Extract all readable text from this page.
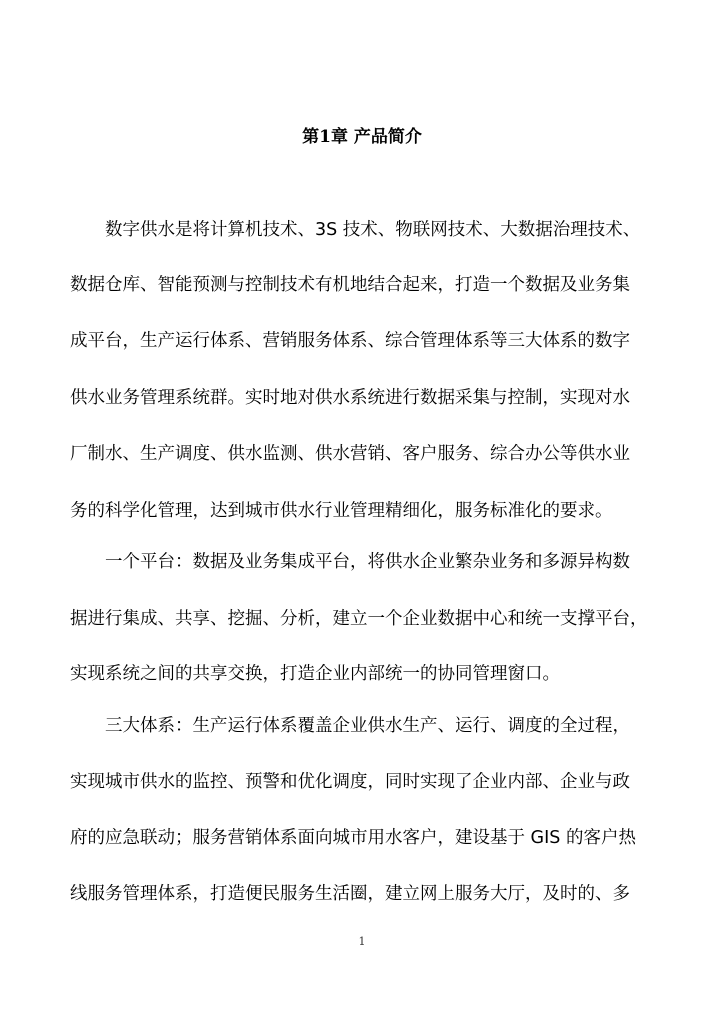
第1章 产品简介
数字供水是将计算机技术、3S 技术、物联网技术、大数据治理技术、
数据仓库、智能预测与控制技术有机地结合起来，打造一个数据及业务集
成平台，生产运行体系、营销服务体系、综合管理体系等三大体系的数字
供水业务管理系统群。实时地对供水系统进行数据采集与控制，实现对水
厂制水、生产调度、供水监测、供水营销、客户服务、综合办公等供水业
务的科学化管理，达到城市供水行业管理精细化，服务标准化的要求。
一个平台：数据及业务集成平台，将供水企业繁杂业务和多源异构数
据进行集成、共享、挖掘、分析，建立一个企业数据中心和统一支撑平台，
实现系统之间的共享交换，打造企业内部统一的协同管理窗口。
三大体系：生产运行体系覆盖企业供水生产、运行、调度的全过程，
实现城市供水的监控、预警和优化调度，同时实现了企业内部、企业与政
府的应急联动；服务营销体系面向城市用水客户，建设基于 GIS 的客户热
线服务管理体系，打造便民服务生活圈，建立网上服务大厅，及时的、多
1
